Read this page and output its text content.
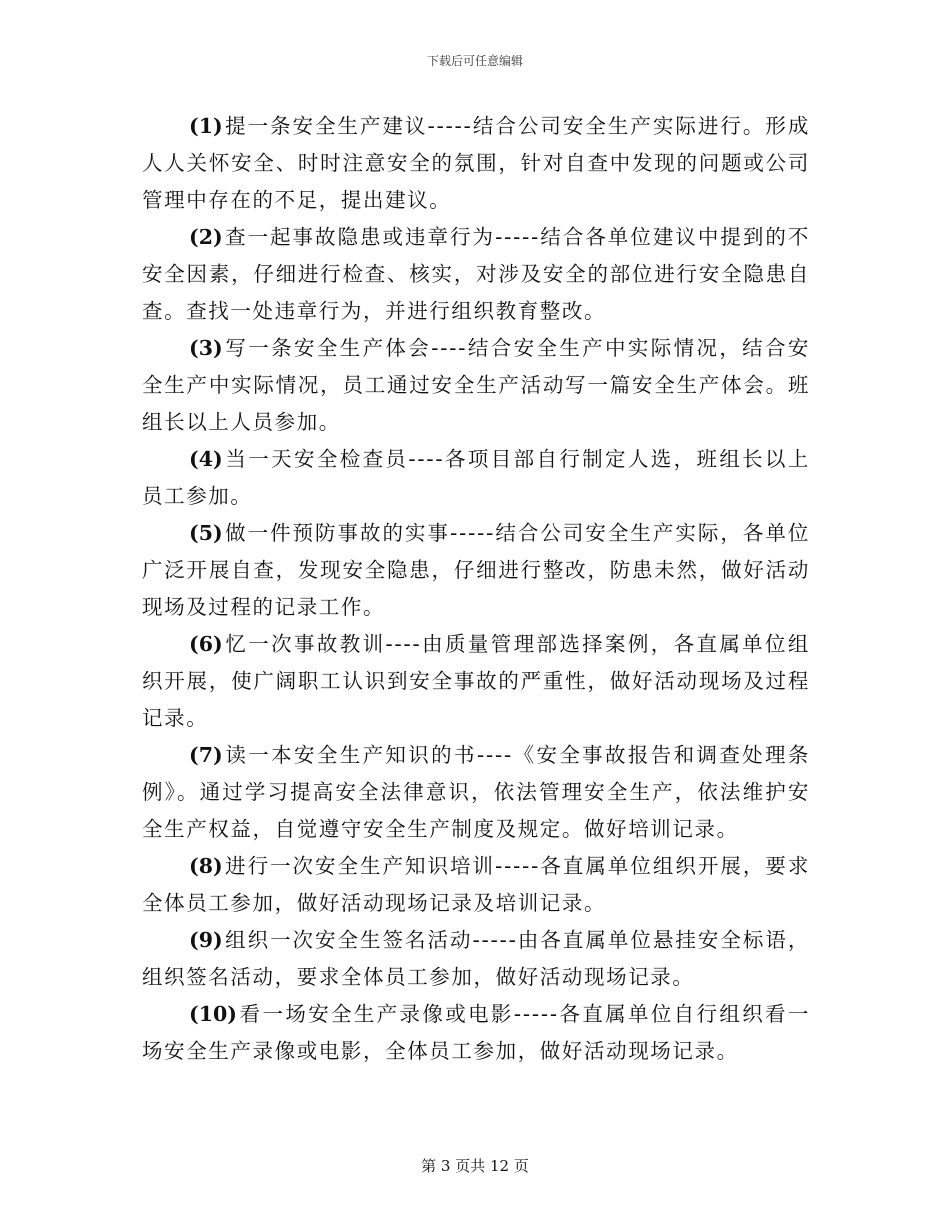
下载后可任意编辑

(1)提一条安全生产建议-----结合公司安全生产实际进行。形成人人关怀安全、时时注意安全的氛围，针对自查中发现的问题或公司管理中存在的不足，提出建议。

(2)查一起事故隐患或违章行为-----结合各单位建议中提到的不安全因素，仔细进行检查、核实，对涉及安全的部位进行安全隐患自查。查找一处违章行为，并进行组织教育整改。

(3)写一条安全生产体会----结合安全生产中实际情况，结合安全生产中实际情况，员工通过安全生产活动写一篇安全生产体会。班组长以上人员参加。

(4)当一天安全检查员----各项目部自行制定人选，班组长以上员工参加。

(5)做一件预防事故的实事-----结合公司安全生产实际，各单位广泛开展自查，发现安全隐患，仔细进行整改，防患未然，做好活动现场及过程的记录工作。

(6)忆一次事故教训----由质量管理部选择案例，各直属单位组织开展，使广阔职工认识到安全事故的严重性，做好活动现场及过程记录。

(7)读一本安全生产知识的书----《安全事故报告和调查处理条例》。通过学习提高安全法律意识，依法管理安全生产，依法维护安全生产权益，自觉遵守安全生产制度及规定。做好培训记录。

(8)进行一次安全生产知识培训-----各直属单位组织开展，要求全体员工参加，做好活动现场记录及培训记录。

(9)组织一次安全生签名活动-----由各直属单位悬挂安全标语，组织签名活动，要求全体员工参加，做好活动现场记录。

(10)看一场安全生产录像或电影-----各直属单位自行组织看一场安全生产录像或电影，全体员工参加，做好活动现场记录。

第 3 页共 12 页
